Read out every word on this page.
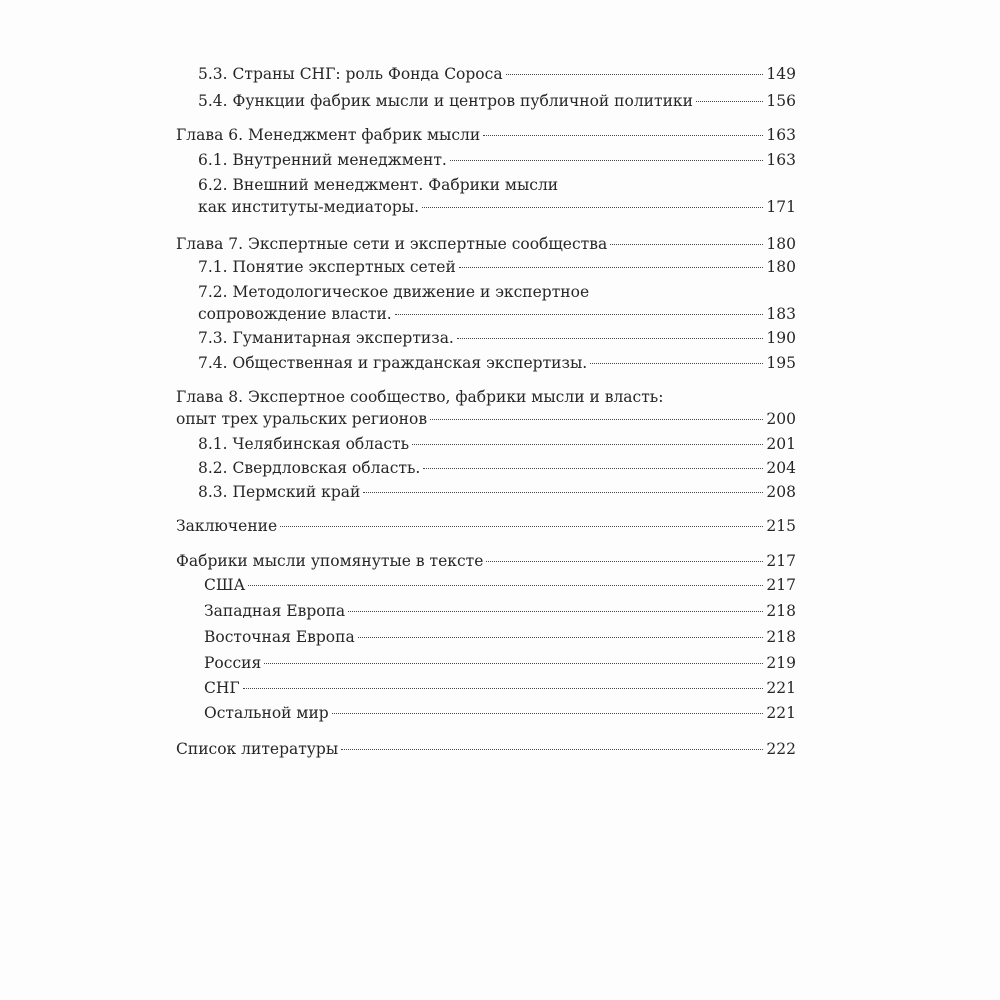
5.3. Страны СНГ: роль Фонда Сороса	149
5.4. Функции фабрик мысли и центров публичной политики	156
Глава 6. Менеджмент фабрик мысли	163
6.1. Внутренний менеджмент.	163
6.2. Внешний менеджмент. Фабрики мысли
как институты-медиаторы.	171
Глава 7. Экспертные сети и экспертные сообщества	180
7.1. Понятие экспертных сетей	180
7.2. Методологическое движение и экспертное
сопровождение власти.	183
7.3. Гуманитарная экспертиза.	190
7.4. Общественная и гражданская экспертизы.	195
Глава 8. Экспертное сообщество, фабрики мысли и власть:
опыт трех уральских регионов	200
8.1. Челябинская область	201
8.2. Свердловская область.	204
8.3. Пермский край	208
Заключение	215
Фабрики мысли упомянутые в тексте	217
США	217
Западная Европа	218
Восточная Европа	218
Россия	219
СНГ	221
Остальной мир	221
Список литературы	222
